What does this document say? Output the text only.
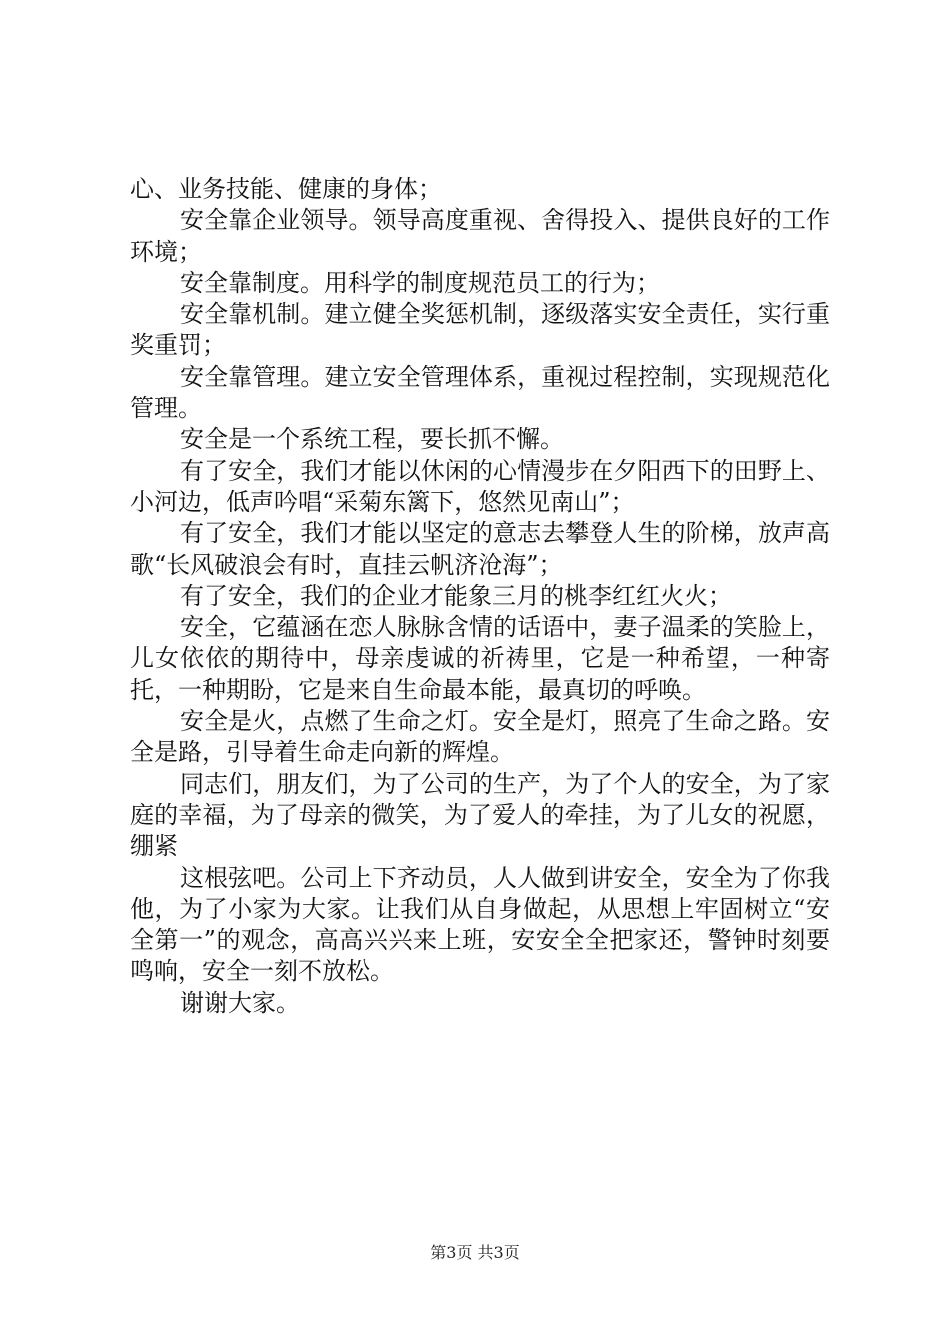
心、业务技能、健康的身体；

安全靠企业领导。领导高度重视、舍得投入、提供良好的工作环境；

安全靠制度。用科学的制度规范员工的行为；

安全靠机制。建立健全奖惩机制，逐级落实安全责任，实行重奖重罚；

安全靠管理。建立安全管理体系，重视过程控制，实现规范化管理。

安全是一个系统工程，要长抓不懈。

有了安全，我们才能以休闲的心情漫步在夕阳西下的田野上、小河边，低声吟唱“采菊东篱下，悠然见南山”；

有了安全，我们才能以坚定的意志去攀登人生的阶梯，放声高歌“长风破浪会有时，直挂云帆济沧海”；

有了安全，我们的企业才能象三月的桃李红红火火；

安全，它蕴涵在恋人脉脉含情的话语中，妻子温柔的笑脸上，儿女依依的期待中，母亲虔诚的祈祷里，它是一种希望，一种寄托，一种期盼，它是来自生命最本能，最真切的呼唤。

安全是火，点燃了生命之灯。安全是灯，照亮了生命之路。安全是路，引导着生命走向新的辉煌。

同志们，朋友们，为了公司的生产，为了个人的安全，为了家庭的幸福，为了母亲的微笑，为了爱人的牵挂，为了儿女的祝愿，绷紧

这根弦吧。公司上下齐动员，人人做到讲安全，安全为了你我他，为了小家为大家。让我们从自身做起，从思想上牢固树立“安全第一”的观念，高高兴兴来上班，安安全全把家还，警钟时刻要鸣响，安全一刻不放松。

谢谢大家。

第3页 共3页
